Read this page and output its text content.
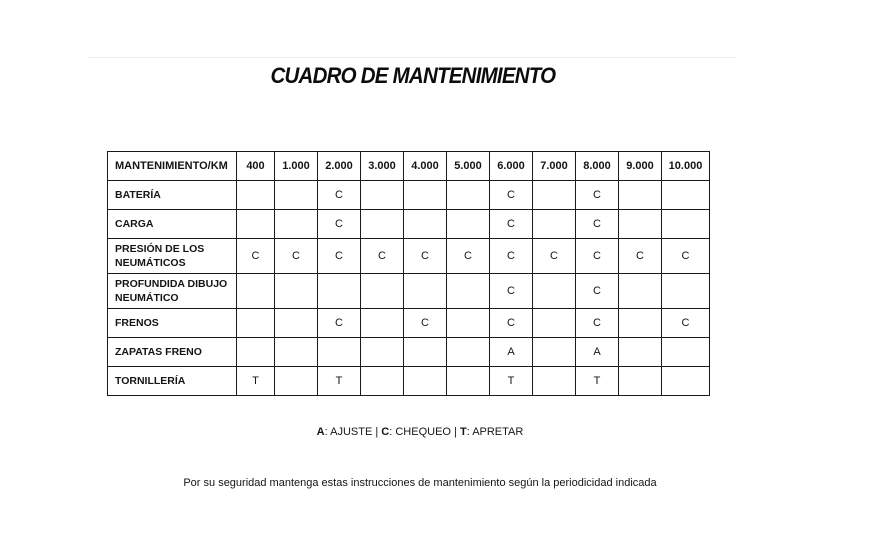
CUADRO DE MANTENIMIENTO
MANTENIMIENTO/KM	400	1.000	2.000	3.000	4.000	5.000	6.000	7.000	8.000	9.000	10.000
BATERÍA			C				C		C		
CARGA			C				C		C		
PRESIÓN DE LOS NEUMÁTICOS	C	C	C	C	C	C	C	C	C	C	C
PROFUNDIDA DIBUJO NEUMÁTICO							C		C		
FRENOS			C		C		C		C		C
ZAPATAS FRENO							A		A		
TORNILLERÍA	T		T				T		T		
A: AJUSTE | C: CHEQUEO | T: APRETAR
Por su seguridad mantenga estas instrucciones de mantenimiento según la periodicidad indicada
